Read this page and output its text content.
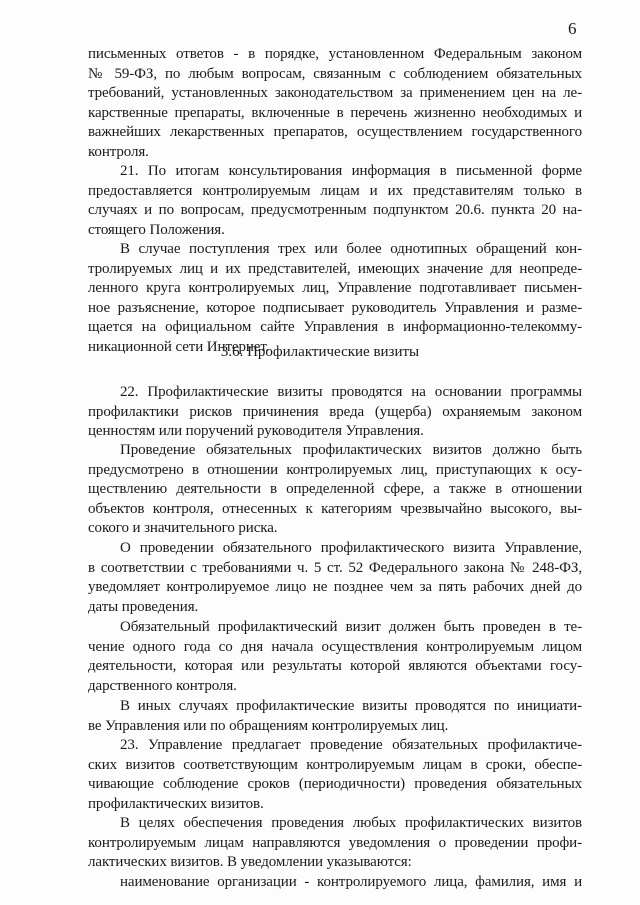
6
письменных ответов - в порядке, установленном Федеральным законом
№ 59-ФЗ, по любым вопросам, связанным с соблюдением обязательных
требований, установленных законодательством за применением цен на ле-
карственные препараты, включенные в перечень жизненно необходимых и
важнейших лекарственных препаратов, осуществлением государственного
контроля.
21. По итогам консультирования информация в письменной форме
предоставляется контролируемым лицам и их представителям только в
случаях и по вопросам, предусмотренным подпунктом 20.6. пункта 20 на-
стоящего Положения.
В случае поступления трех или более однотипных обращений кон-
тролируемых лиц и их представителей, имеющих значение для неопреде-
ленного круга контролируемых лиц, Управление подготавливает письмен-
ное разъяснение, которое подписывает руководитель Управления и разме-
щается на официальном сайте Управления в информационно-телекомму-
никационной сети Интернет.
3.6. Профилактические визиты
22. Профилактические визиты проводятся на основании программы
профилактики рисков причинения вреда (ущерба) охраняемым законом
ценностям или поручений руководителя Управления.
Проведение обязательных профилактических визитов должно быть
предусмотрено в отношении контролируемых лиц, приступающих к осу-
ществлению деятельности в определенной сфере, а также в отношении
объектов контроля, отнесенных к категориям чрезвычайно высокого, вы-
сокого и значительного риска.
О проведении обязательного профилактического визита Управление,
в соответствии с требованиями ч. 5 ст. 52 Федерального закона № 248-ФЗ,
уведомляет контролируемое лицо не позднее чем за пять рабочих дней до
даты проведения.
Обязательный профилактический визит должен быть проведен в те-
чение одного года со дня начала осуществления контролируемым лицом
деятельности, которая или результаты которой являются объектами госу-
дарственного контроля.
В иных случаях профилактические визиты проводятся по инициати-
ве Управления или по обращениям контролируемых лиц.
23. Управление предлагает проведение обязательных профилактиче-
ских визитов соответствующим контролируемым лицам в сроки, обеспе-
чивающие соблюдение сроков (периодичности) проведения обязательных
профилактических визитов.
В целях обеспечения проведения любых профилактических визитов
контролируемым лицам направляются уведомления о проведении профи-
лактических визитов. В уведомлении указываются:
наименование организации - контролируемого лица, фамилия, имя и
